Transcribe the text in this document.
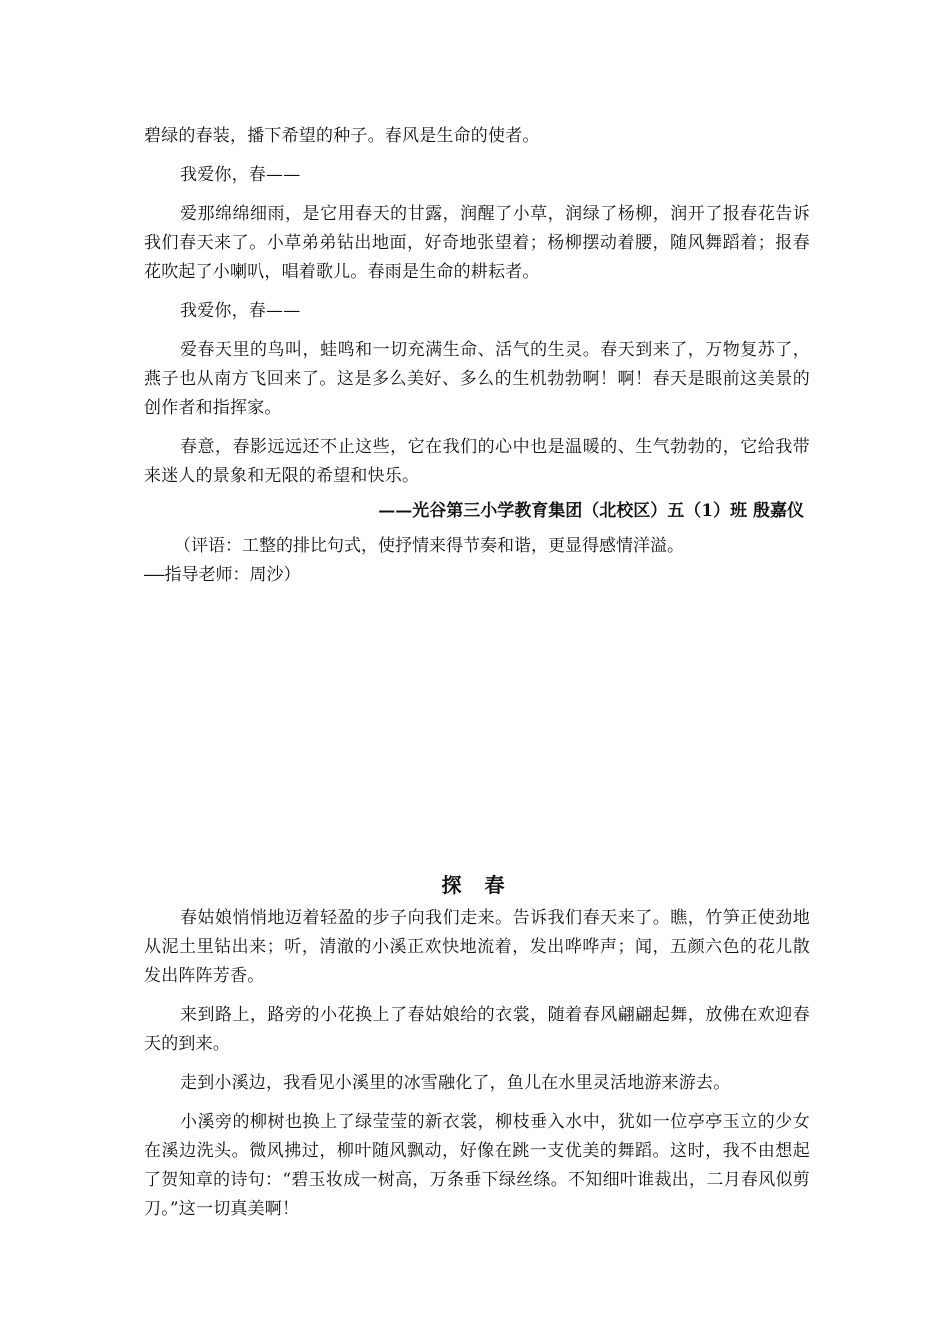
碧绿的春装，播下希望的种子。春风是生命的使者。

我爱你，春——

爱那绵绵细雨，是它用春天的甘露，润醒了小草，润绿了杨柳，润开了报春花告诉我们春天来了。小草弟弟钻出地面，好奇地张望着；杨柳摆动着腰，随风舞蹈着；报春花吹起了小喇叭，唱着歌儿。春雨是生命的耕耘者。

我爱你，春——

爱春天里的鸟叫，蛙鸣和一切充满生命、活气的生灵。春天到来了，万物复苏了，燕子也从南方飞回来了。这是多么美好、多么的生机勃勃啊！啊！春天是眼前这美景的创作者和指挥家。

春意，春影远远还不止这些，它在我们的心中也是温暖的、生气勃勃的，它给我带来迷人的景象和无限的希望和快乐。

——光谷第三小学教育集团（北校区）五（1）班 殷嘉仪
（评语：工整的排比句式，使抒情来得节奏和谐，更显得感情洋溢。
——指导老师：周沙）
探 春

春姑娘悄悄地迈着轻盈的步子向我们走来。告诉我们春天来了。瞧，竹笋正使劲地从泥土里钻出来；听，清澈的小溪正欢快地流着，发出哗哗声；闻，五颜六色的花儿散发出阵阵芳香。

来到路上，路旁的小花换上了春姑娘给的衣裳，随着春风翩翩起舞，放佛在欢迎春天的到来。

走到小溪边，我看见小溪里的冰雪融化了，鱼儿在水里灵活地游来游去。

小溪旁的柳树也换上了绿莹莹的新衣裳，柳枝垂入水中，犹如一位亭亭玉立的少女在溪边洗头。微风拂过，柳叶随风飘动，好像在跳一支优美的舞蹈。这时，我不由想起了贺知章的诗句：“碧玉妆成一树高，万条垂下绿丝绦。不知细叶谁裁出，二月春风似剪刀。”这一切真美啊！
